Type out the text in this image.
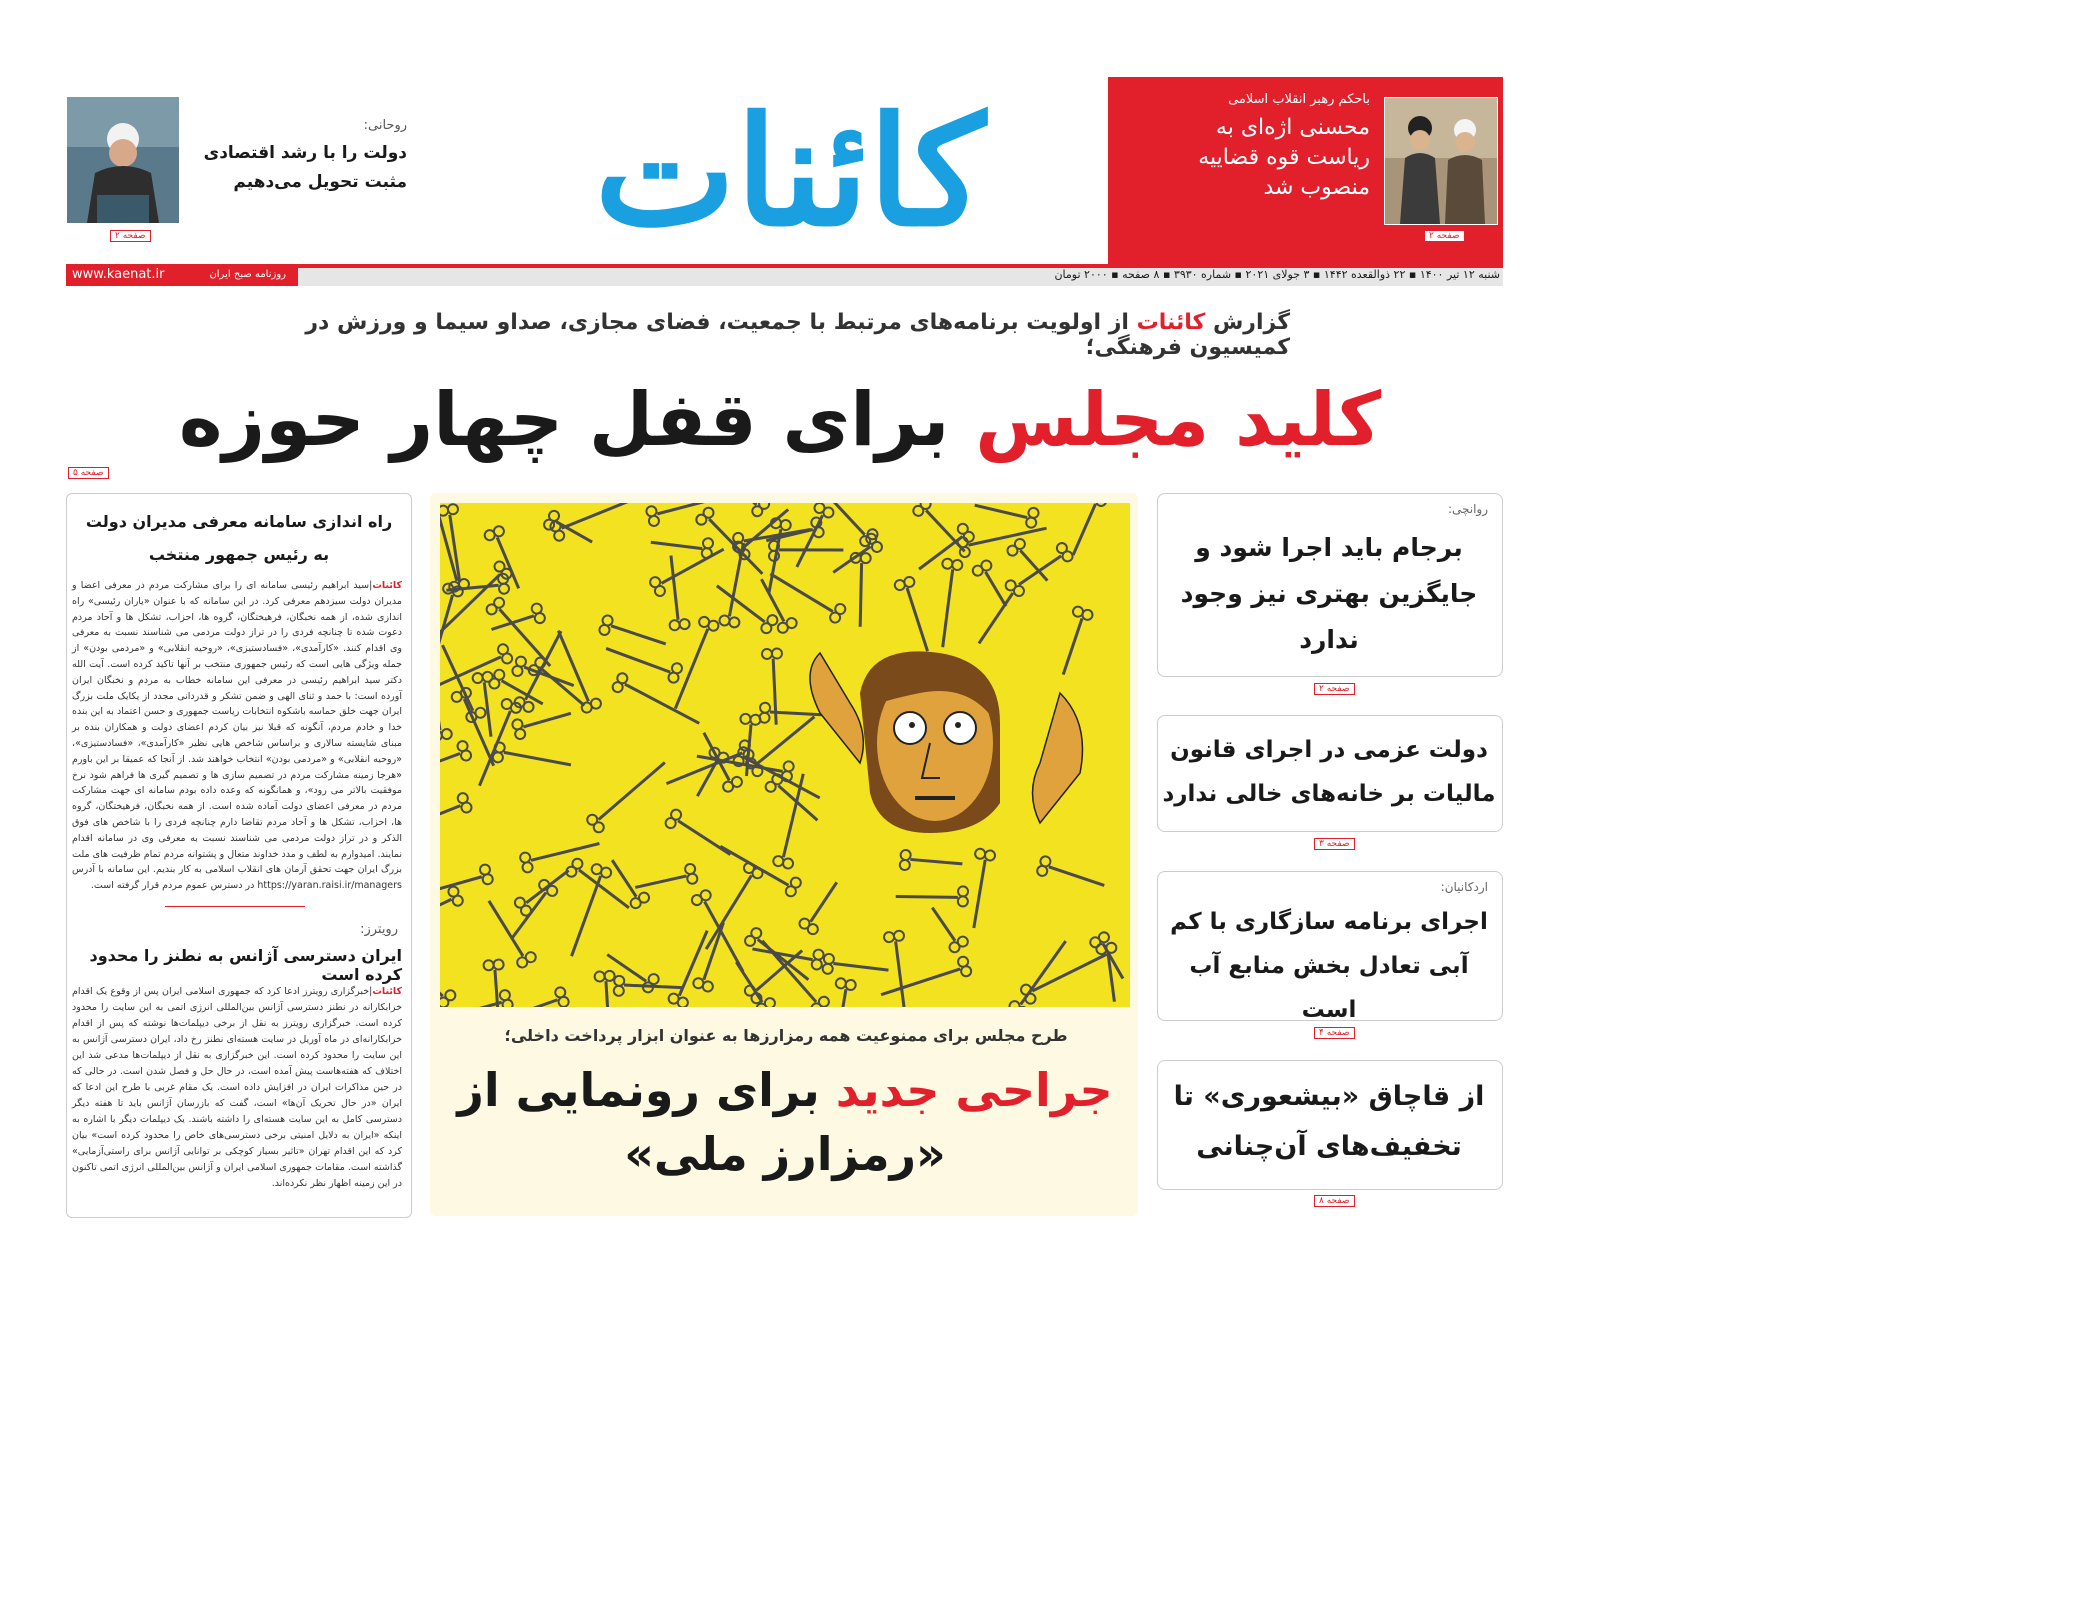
کائنات	باحکم رهبر انقلاب اسلامی
محسنی اژه‌ای به ریاست قوه قضاییه منصوب شد
صفحه ۲
روحانی:
دولت را با رشد اقتصادی مثبت تحویل می‌دهیم
صفحه ۲
www.kaenat.ir	روزنامه صبح ایران	شنبه ۱۲ تیر ۱۴۰۰ ▪ ۲۲ ذوالقعده ۱۴۴۲ ▪ ۳ جولای ۲۰۲۱ ▪ شماره ۳۹۳۰ ▪ ۸ صفحه ▪ ۲۰۰۰ تومان
گزارش کائنات از اولویت برنامه‌های مرتبط با جمعیت، فضای مجازی، صداو سیما و ورزش در کمیسیون فرهنگی؛
کلید مجلس برای قفل چهار حوزه
صفحه ۵
راه اندازی سامانه معرفی مدیران دولت به رئیس جمهور منتخب
کائنات|سید ابراهیم رئیسی سامانه ای را برای مشارکت مردم در معرفی اعضا و مدیران دولت سیزدهم معرفی کرد. در این سامانه که با عنوان «یاران رئیسی» راه اندازی شده، از همه نخبگان، فرهیختگان، گروه ها، احزاب، تشکل ها و آحاد مردم دعوت شده تا چنانچه فردی را در تراز دولت مردمی می شناسند نسبت به معرفی وی اقدام کنند. «کارآمدی»، «فسادستیزی»، «روحیه انقلابی» و «مردمی بودن» از جمله ویژگی هایی است که رئیس جمهوری منتخب بر آنها تاکید کرده است. آیت الله دکتر سید ابراهیم رئیسی در معرفی این سامانه خطاب به مردم و نخبگان ایران آورده است: با حمد و ثنای الهی و ضمن تشکر و قدردانی مجدد از یکایک ملت بزرگ ایران جهت خلق حماسه باشکوه انتخابات ریاست جمهوری و حسن اعتماد به این بنده خدا و خادم مردم، آنگونه که قبلا نیز بیان کردم اعضای دولت و همکاران بنده بر مبنای شایسته سالاری و براساس شاخص هایی نظیر «کارآمدی»، «فسادستیزی»، «روحیه انقلابی» و «مردمی بودن» انتخاب خواهند شد. از آنجا که عمیقا بر این باورم «هرجا زمینه مشارکت مردم در تصمیم سازی ها و تصمیم گیری ها فراهم شود نرخ موفقیت بالاتر می رود»، و همانگونه که وعده داده بودم سامانه ای جهت مشارکت مردم در معرفی اعضای دولت آماده شده است. از همه نخبگان، فرهیختگان، گروه ها، احزاب، تشکل ها و آحاد مردم تقاضا دارم چنانچه فردی را با شاخص های فوق الذکر و در تراز دولت مردمی می شناسند نسبت به معرفی وی در سامانه اقدام نمایند. امیدوارم به لطف و مدد خداوند متعال و پشتوانه مردم تمام ظرفیت های ملت بزرگ ایران جهت تحقق آرمان های انقلاب اسلامی به کار بندیم. این سامانه با آدرس https://yaran.raisi.ir/managers در دسترس عموم مردم قرار گرفته است.
رویترز:
ایران دسترسی آژانس به نطنز را محدود کرده است
کائنات|خبرگزاری رویترز ادعا کرد که جمهوری اسلامی ایران پس از وقوع یک اقدام خرابکارانه در نطنز دسترسی آژانس بین‌المللی انرژی اتمی به این سایت را محدود کرده است. خبرگزاری رویترز به نقل از برخی دیپلمات‌ها نوشته که پس از اقدام خرابکارانه‌ای در ماه آوریل در سایت هسته‌ای نطنز رخ داد، ایران دسترسی آژانس به این سایت را محدود کرده است. این خبرگزاری به نقل از دیپلمات‌ها مدعی شد این اختلاف که هفته‌هاست پیش آمده است، در حال حل و فصل شدن است. در حالی که در حین مذاکرات ایران در افزایش داده است. یک مقام غربی با طرح این ادعا که ایران «در حال تحریک آن‌ها» است، گفت که بازرسان آژانس باید تا هفته دیگر دسترسی کامل به این سایت هسته‌ای را داشته باشند. یک دیپلمات دیگر با اشاره به اینکه «ایران به دلایل امنیتی برخی دسترسی‌های خاص را محدود کرده است» بیان کرد که این اقدام تهران «تاثیر بسیار کوچکی بر توانایی آژانس برای راستی‌آزمایی» گذاشته است. مقامات جمهوری اسلامی ایران و آژانس بین‌المللی انرژی اتمی تاکنون در این زمینه اظهار نظر نکرده‌اند.
طرح مجلس برای ممنوعیت همه رمزارزها به عنوان ابزار پرداخت داخلی؛
جراحی جدید برای رونمایی از «رمزارز ملی»
روانچی:
برجام باید اجرا شود و جایگزین بهتری نیز وجود ندارد
صفحه ۲
دولت عزمی در اجرای قانون مالیات بر خانه‌های خالی ندارد
صفحه ۳
اردکانیان:
اجرای برنامه سازگاری با کم آبی تعادل بخش منابع آب است
صفحه ۴
از قاچاق «بیشعوری» تا تخفیف‌های آن‌چنانی
صفحه ۸
